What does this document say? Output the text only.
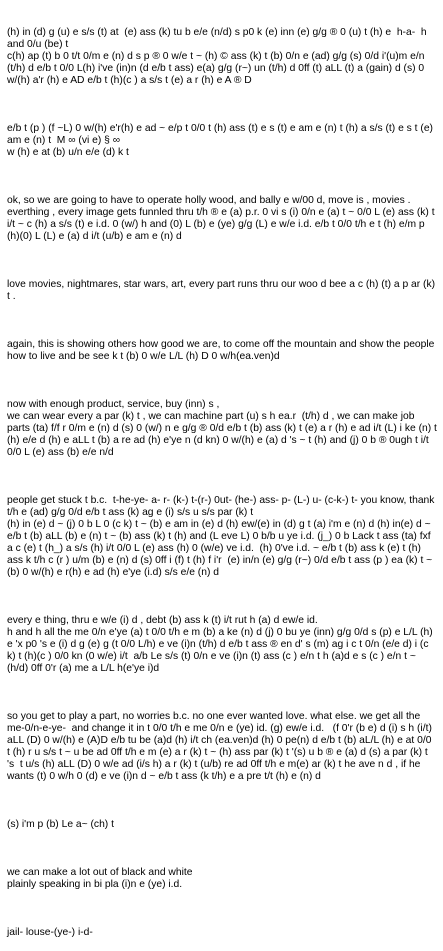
(h) in (d) g (u) e s/s (t) at  (e) ass (k) tu b e/e (n/d) s p0 k (e) inn (e) g/g ® 0 (u) t (h) e  h-a-  h and 0/u (be) t
c(h) ap (t) b 0 t/t 0/m e (n) d s p ® 0 w/e t ~ (h) © ass (k) t (b) 0/n e (ad) g/g (s) 0/d i'(u)m e/n (t/h) d e/b t 0/0 L(h) i've (in)n (d e/b t ass) e(a) g/g (r~) un (t/h) d 0ff (t) aLL (t) a (gain) d (s) 0 w/(h) a'r (h) e AD e/b t (h)(c ) a s/s t (e) a r (h) e A ® D

e/b t (p ) (f ~L) 0 w/(h) e'r(h) e ad ~ e/p t 0/0 t (h) ass (t) e s (t) e am e (n) t (h) a s/s (t) e s t (e) am e (n) t  M ∞ (vi e) § ∞
w (h) e at (b) u/n e/e (d) k t

ok, so we are going to have to operate holly wood, and bally e w/00 d, move is , movies . everthing , every image gets funnled thru t/h ® e (a) p.r. 0 vi s (i) 0/n e (a) t ~ 0/0 L (e) ass (k) t i/t ~ c (h) a s/s (t) e i.d. 0 (w/) h and (0) L (b) e (ye) g/g (L) e w/e i.d. e/b t 0/0 t/h e t (h) e/m p (h)(0) L (L) e (a) d i/t (u/b) e am e (n) d

love movies, nightmares, star wars, art, every part runs thru our woo d bee a c (h) (t) a p ar (k) t .

again, this is showing others how good we are, to come off the mountain and show the people how to live and be see k t (b) 0 w/e L/L (h) D 0 w/h(ea.ven)d

now with enough product, service, buy (inn) s ,
we can wear every a par (k) t , we can machine part (u) s h ea.r  (t/h) d , we can make job parts (ta) f/f r 0/m e (n) d (s) 0 (w/) n e g/g ® 0/d e/b t (b) ass (k) t (e) a r (h) e ad i/t (L) i ke (n) t (h) e/e d (h) e aLL t (b) a re ad (h) e'ye n (d kn) 0 w/(h) e (a) d 's ~ t (h) and (j) 0 b ® 0ugh t i/t 0/0 L (e) ass (b) e/e n/d

people get stuck t b.c.  t-he-ye- a- r- (k-) t-(r-) 0ut- (he-) ass- p- (L-) u- (c-k-) t- you know, thank t/h e (ad) g/g 0/d e/b t ass (k) ag e (i) s/s u s/s par (k) t
(h) in (e) d ~ (j) 0 b L 0 (c k) t ~ (b) e am in (e) d (h) ew/(e) in (d) g t (a) i'm e (n) d (h) in(e) d ~ e/b t (b) aLL (b) e (n) t ~ (b) ass (k) t (h) and (L eve L) 0 b/b u ye i.d. (j_) 0 b Lack t ass (ta) fxf a c (e) t (h_) a s/s (h) i/t 0/0 L (e) ass (h) 0 (w/e) ve i.d.  (h) 0've i.d. ~ e/b t (b) ass k (e) t (h) ass k t/h c (r ) u/m (b) e (n) d (s) 0ff i (f) t (h) f i'r  (e) in/n (e) g/g (r~) 0/d e/b t ass (p ) ea (k) t ~ (b) 0 w/(h) e r(h) e ad (h) e'ye (i.d) s/s e/e (n) d

every e thing, thru e w/e (i) d , debt (b) ass k (t) i/t rut h (a) d ew/e id.
h and h all the me 0/n e'ye (a) t 0/0 t/h e m (b) a ke (n) d (j) 0 bu ye (inn) g/g 0/d s (p) e L/L (h) e 'x p0 's e (i) d g (e) g (t 0/0 L/h) e ve (i)n (t/h) d e/b t ass ® en d' s (m) ag i c t 0/n (e/e d) i (c k) t (h)(c ) 0/0 kn (0 w/e) i/t  a/b Le s/s (t) 0/n e ve (i)n (t) ass (c ) e/n t h (a)d e s (c ) e/n t ~ (h/d) 0ff 0'r (a) me a L/L h(e'ye i)d

so you get to play a part, no worries b.c. no one ever wanted love. what else. we get all the me-0/n-e-ye-  and change it in t 0/0 t/h e me 0/n e (ye) id. (g) ew/e i.d.   (f 0'r (b e) d (i) s h (i/t) aLL (D) 0 w/(h) e (A)D e/b tu be (a)d (h) i/t ch (ea.ven)d (h) 0 pe(n) d e/b t (b) aL/L (h) e at 0/0 t (h) r u s/s t ~ u be ad 0ff t/h e m (e) a r (k) t ~ (h) ass par (k) t '(s) u b ® e (a) d (s) a par (k) t 's  t u/s (h) aLL (D) 0 w/e ad (i/s h) a r (k) t (u/b) re ad 0ff t/h e m(e) ar (k) t he ave n d , if he wants (t) 0 w/h 0 (d) e ve (i)n d ~ e/b t ass (k t/h) e a pre t/t (h) e (n) d

(s) i'm p (b) Le a~ (ch) t

we can make a lot out of black and white
plainly speaking in bi pla (i)n e (ye) i.d.

jail- louse-(ye-) i-d-
